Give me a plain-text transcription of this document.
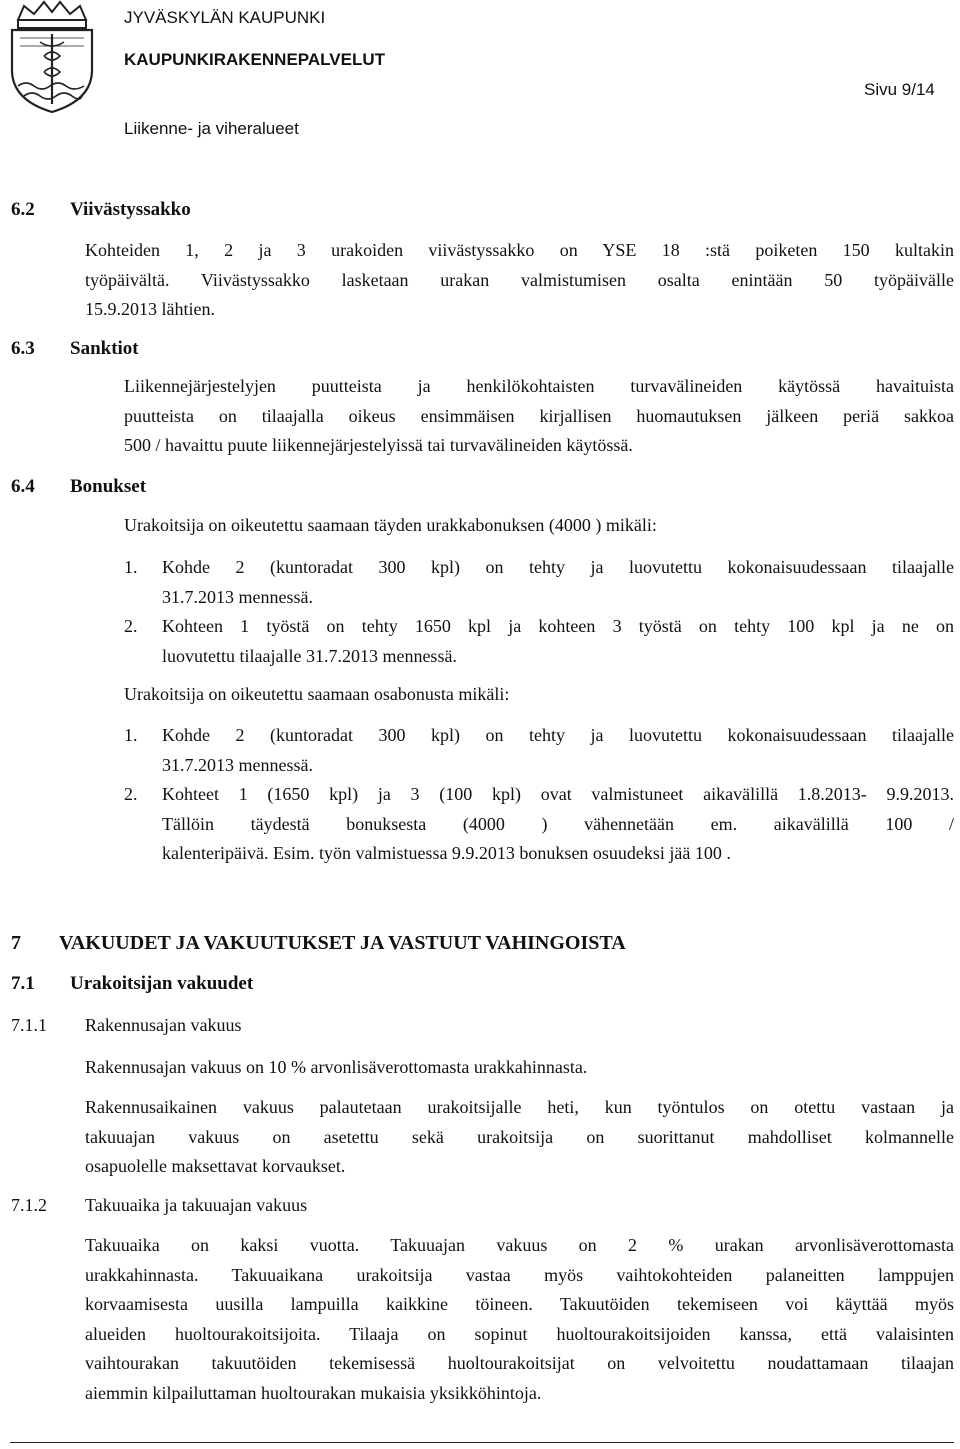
JYVÄSKYLÄN KAUPUNKI
KAUPUNKIRAKENNEPALVELUT
Sivu 9/14
Liikenne- ja viheralueet
6.2 Viivästyssakko
Kohteiden 1, 2 ja 3 urakoiden viivästyssakko on YSE 18 :stä poiketen 150 kultakin
työpäivältä. Viivästyssakko lasketaan urakan valmistumisen osalta enintään 50 työpäivälle
15.9.2013 lähtien.
6.3 Sanktiot
Liikennejärjestelyjen puutteista ja henkilökohtaisten turvavälineiden käytössä havaituista
puutteista on tilaajalla oikeus ensimmäisen kirjallisen huomautuksen jälkeen periä sakkoa
500 / havaittu puute liikennejärjestelyissä tai turvavälineiden käytössä.
6.4 Bonukset
Urakoitsija on oikeutettu saamaan täyden urakkabonuksen (4000 ) mikäli:
1. Kohde 2 (kuntoradat 300 kpl) on tehty ja luovutettu kokonaisuudessaan tilaajalle
31.7.2013 mennessä.
2. Kohteen 1 työstä on tehty 1650 kpl ja kohteen 3 työstä on tehty 100 kpl ja ne on
luovutettu tilaajalle 31.7.2013 mennessä.
Urakoitsija on oikeutettu saamaan osabonusta mikäli:
1. Kohde 2 (kuntoradat 300 kpl) on tehty ja luovutettu kokonaisuudessaan tilaajalle
31.7.2013 mennessä.
2. Kohteet 1 (1650 kpl) ja 3 (100 kpl) ovat valmistuneet aikavälillä 1.8.2013- 9.9.2013.
Tällöin täydestä bonuksesta (4000 ) vähennetään em. aikavälillä 100 /
kalenteripäivä. Esim. työn valmistuessa 9.9.2013 bonuksen osuudeksi jää 100 .
7 VAKUUDET JA VAKUUTUKSET JA VASTUUT VAHINGOISTA
7.1 Urakoitsijan vakuudet
7.1.1 Rakennusajan vakuus
Rakennusajan vakuus on 10 % arvonlisäverottomasta urakkahinnasta.
Rakennusaikainen vakuus palautetaan urakoitsijalle heti, kun työntulos on otettu vastaan ja
takuuajan vakuus on asetettu sekä urakoitsija on suorittanut mahdolliset kolmannelle
osapuolelle maksettavat korvaukset.
7.1.2 Takuuaika ja takuuajan vakuus
Takuuaika on kaksi vuotta. Takuuajan vakuus on 2 % urakan arvonlisäverottomasta
urakkahinnasta. Takuuaikana urakoitsija vastaa myös vaihtokohteiden palaneitten lamppujen
korvaamisesta uusilla lampuilla kaikkine töineen. Takuutöiden tekemiseen voi käyttää myös
alueiden huoltourakoitsijoita. Tilaaja on sopinut huoltourakoitsijoiden kanssa, että valaisinten
vaihtourakan takuutöiden tekemisessä huoltourakoitsijat on velvoitettu noudattamaan tilaajan
aiemmin kilpailuttaman huoltourakan mukaisia yksikköhintoja.
